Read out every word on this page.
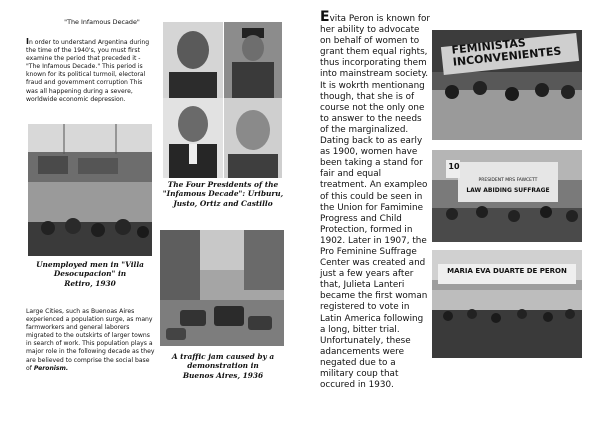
"The Infamous Decade"
In order to understand Argentina during the time of the 1940's, you must first examine the period that preceded it - "The Infamous Decade." This period is known for its political turmoil, electoral fraud and government corruption This was all happening during a severe, worldwide economic depression.
Unemployed men in "Villa
Desocupacion" in
Retiro, 1930
Large Cities, such as Buenoas Aires experienced a population surge, as many farmworkers and general laborers migrated to the outskirts of larger towns in search of work. This population plays a major role in the following decade as they are believed to comprise the social base of Peronism.
The Four Presidents of the
"Infamous Decade": Uriburu,
Justo, Ortiz and Castillo
A traffic jam caused by a
demonstration in
Buenos Aires, 1936
Evita Peron is known for her ability to advocate on behalf of women to grant them equal rights, thus incorporating them into mainstream society. It is wokrth mentionang though, that she is of course not the only one to answer to the needs of the marginalized. Dating back to as early as 1900, women have been taking a stand for fair and equal treatment. An exampleo of this could be seen in the Union for Famimine Progress and Child Protection, formed in 1902. Later in 1907, the Pro Feminine Suffrage Center was created and just a few years after that, Julieta Lanteri became the first woman registered to vote in Latin America following a long, bitter trial. Unfortunately, these adancements were negated due to a military coup that occured in 1930.
FEMINISTAS INCONVENIENTES
10
PRESIDENT MRS FAWCETT
LAW ABIDING SUFFRAGE
MARIA EVA DUARTE DE PERON
